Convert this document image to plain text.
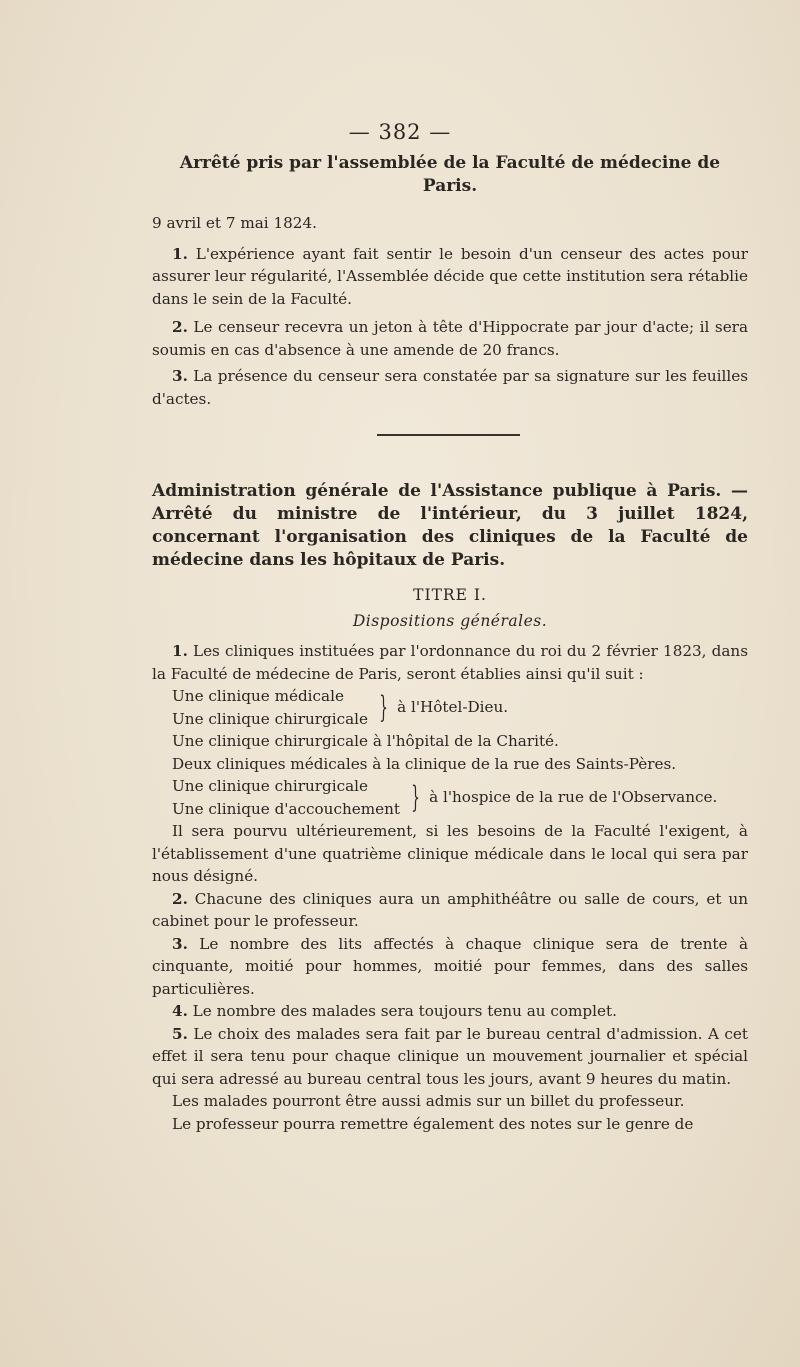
— 382 —
Arrêté pris par l'assemblée de la Faculté de médecine de
Paris.
9 avril et 7 mai 1824.

1. L'expérience ayant fait sentir le besoin d'un censeur des actes pour assurer leur régularité, l'Assemblée décide que cette institution sera rétablie dans le sein de la Faculté.

2. Le censeur recevra un jeton à tête d'Hippocrate par jour d'acte; il sera soumis en cas d'absence à une amende de 20 francs.

3. La présence du censeur sera constatée par sa signature sur les feuilles d'actes.

Administration générale de l'Assistance publique à Paris. — Arrêté du ministre de l'intérieur, du 3 juillet 1824, concernant l'organisation des cliniques de la Faculté de médecine dans les hôpitaux de Paris.
TITRE I.
Dispositions générales.

1. Les cliniques instituées par l'ordonnance du roi du 2 février 1823, dans la Faculté de médecine de Paris, seront établies ainsi qu'il suit :

Une clinique médicale
Une clinique chirurgicale } à l'Hôtel-Dieu.

Une clinique chirurgicale à l'hôpital de la Charité.

Deux cliniques médicales à la clinique de la rue des Saints-Pères.

Une clinique chirurgicale
Une clinique d'accouchement } à l'hospice de la rue de l'Observance.

Il sera pourvu ultérieurement, si les besoins de la Faculté l'exigent, à l'établissement d'une quatrième clinique médicale dans le local qui sera par nous désigné.

2. Chacune des cliniques aura un amphithéâtre ou salle de cours, et un cabinet pour le professeur.

3. Le nombre des lits affectés à chaque clinique sera de trente à cinquante, moitié pour hommes, moitié pour femmes, dans des salles particulières.

4. Le nombre des malades sera toujours tenu au complet.

5. Le choix des malades sera fait par le bureau central d'admission. A cet effet il sera tenu pour chaque clinique un mouvement journalier et spécial qui sera adressé au bureau central tous les jours, avant 9 heures du matin.

Les malades pourront être aussi admis sur un billet du professeur.

Le professeur pourra remettre également des notes sur le genre de
